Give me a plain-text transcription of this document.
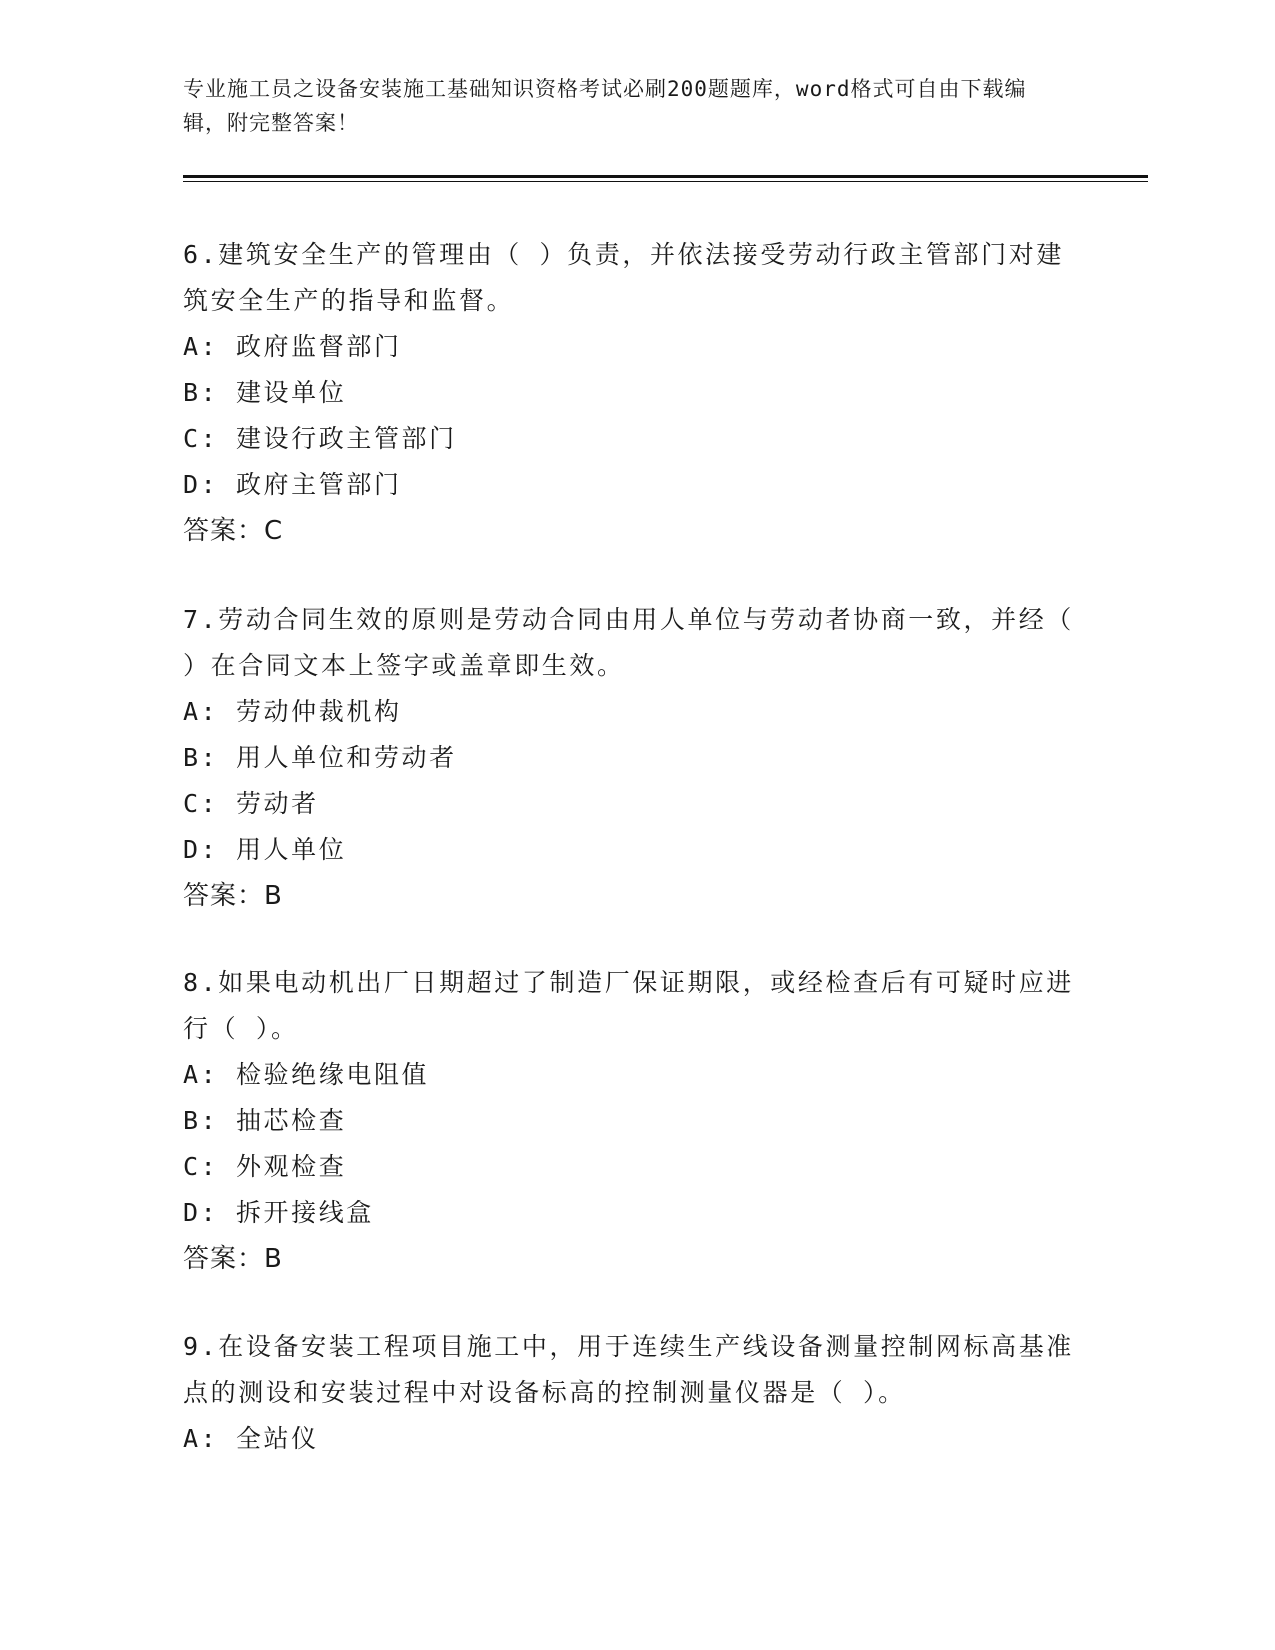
专业施工员之设备安装施工基础知识资格考试必刷200题题库，word格式可自由下载编辑，附完整答案！

6.建筑安全生产的管理由（ ）负责，并依法接受劳动行政主管部门对建筑安全生产的指导和监督。

A: 政府监督部门

B: 建设单位

C: 建设行政主管部门

D: 政府主管部门

答案：C

7.劳动合同生效的原则是劳动合同由用人单位与劳动者协商一致，并经（ ）在合同文本上签字或盖章即生效。

A: 劳动仲裁机构

B: 用人单位和劳动者

C: 劳动者

D: 用人单位

答案：B

8.如果电动机出厂日期超过了制造厂保证期限，或经检查后有可疑时应进行（ ）。

A: 检验绝缘电阻值

B: 抽芯检查

C: 外观检查

D: 拆开接线盒

答案：B

9.在设备安装工程项目施工中，用于连续生产线设备测量控制网标高基准点的测设和安装过程中对设备标高的控制测量仪器是（ ）。

A: 全站仪
